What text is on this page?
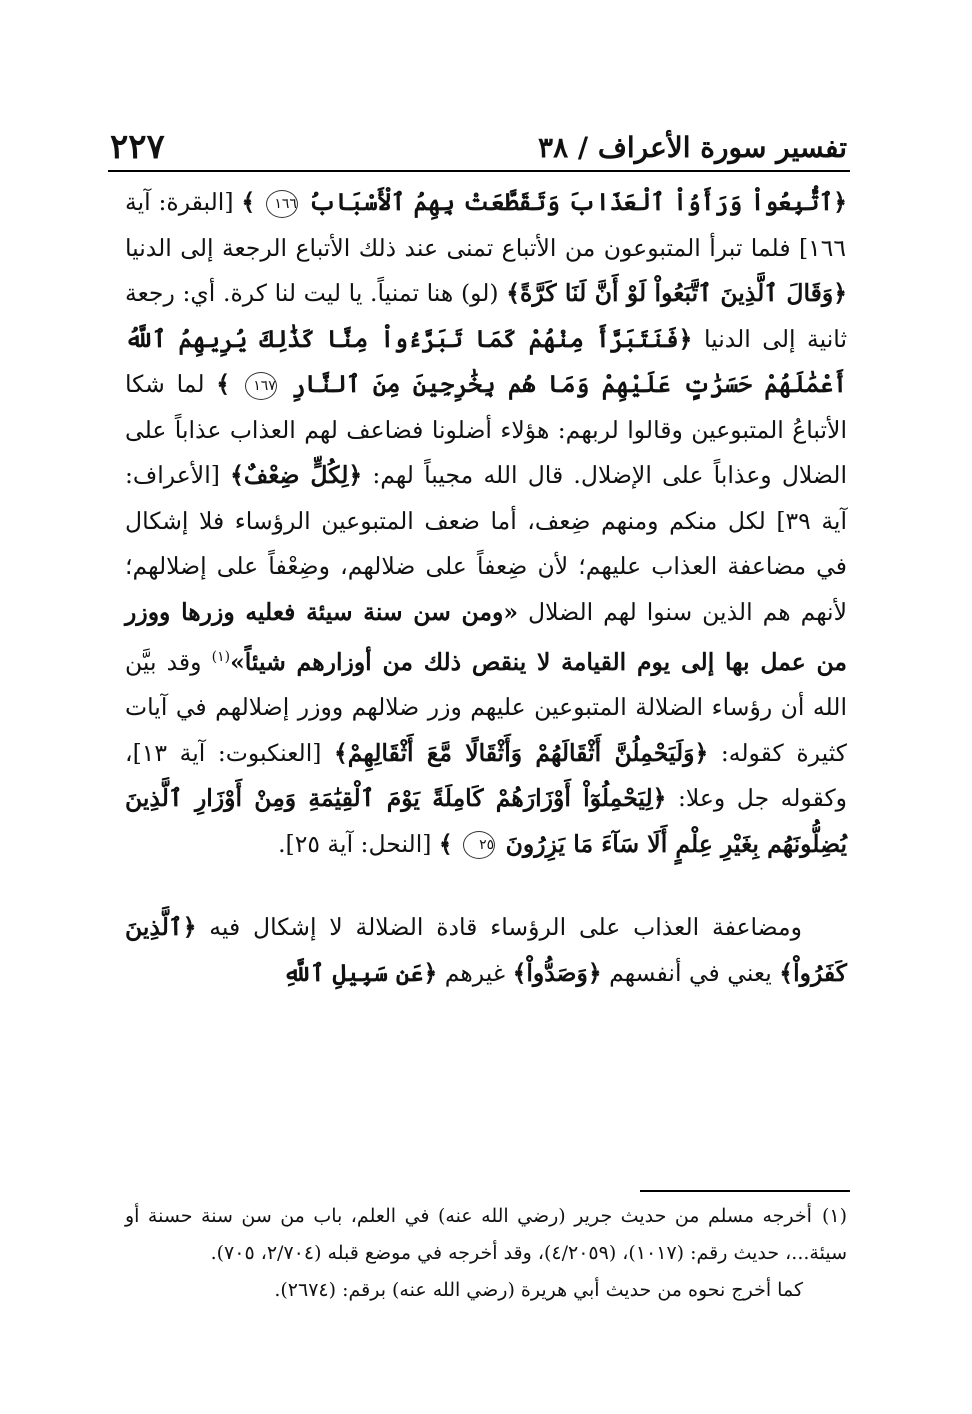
٢٢٧	تفسير سورة الأعراف / ٣٨

﴿ٱتُّبِعُواْ وَرَأَوُاْ ٱلْعَذَابَ وَتَقَطَّعَتْ بِهِمُ ٱلْأَسْبَابُ ١٦٦ ﴾ [البقرة: آية ١٦٦] فلما تبرأ المتبوعون من الأتباع تمنى عند ذلك الأتباع الرجعة إلى الدنيا ﴿وَقَالَ ٱلَّذِينَ ٱتَّبَعُواْ لَوْ أَنَّ لَنَا كَرَّةً﴾ (لو) هنا تمنياً. يا ليت لنا كرة. أي: رجعة ثانية إلى الدنيا ﴿فَنَتَبَرَّأَ مِنْهُمْ كَمَا تَبَرَّءُواْ مِنَّا كَذَٰلِكَ يُرِيهِمُ ٱللَّهُ أَعْمَٰلَهُمْ حَسَرَٰتٍ عَلَيْهِمْ وَمَا هُم بِخَٰرِجِينَ مِنَ ٱلنَّارِ ١٦٧ ﴾ لما شكا الأتباعُ المتبوعين وقالوا لربهم: هؤلاء أضلونا فضاعف لهم العذاب عذاباً على الضلال وعذاباً على الإضلال. قال الله مجيباً لهم: ﴿لِكُلٍّ ضِعْفٌ﴾ [الأعراف: آية ٣٩] لكل منكم ومنهم ضِعف، أما ضعف المتبوعين الرؤساء فلا إشكال في مضاعفة العذاب عليهم؛ لأن ضِعفاً على ضلالهم، وضِعْفاً على إضلالهم؛ لأنهم هم الذين سنوا لهم الضلال «ومن سن سنة سيئة فعليه وزرها ووزر من عمل بها إلى يوم القيامة لا ينقص ذلك من أوزارهم شيئاً»$^{(١)}$ وقد بيَّن الله أن رؤساء الضلالة المتبوعين عليهم وزر ضلالهم ووزر إضلالهم في آيات كثيرة كقوله: ﴿وَلَيَحْمِلُنَّ أَثْقَالَهُمْ وَأَثْقَالًا مَّعَ أَثْقَالِهِمْ﴾ [العنكبوت: آية ١٣]، وكقوله جل وعلا: ﴿لِيَحْمِلُوٓاْ أَوْزَارَهُمْ كَامِلَةً يَوْمَ ٱلْقِيَٰمَةِ وَمِنْ أَوْزَارِ ٱلَّذِينَ يُضِلُّونَهُم بِغَيْرِ عِلْمٍ أَلَا سَآءَ مَا يَزِرُونَ ٢٥ ﴾ [النحل: آية ٢٥].

ومضاعفة العذاب على الرؤساء قادة الضلالة لا إشكال فيه ﴿ٱلَّذِينَ كَفَرُواْ﴾ يعني في أنفسهم ﴿وَصَدُّواْ﴾ غيرهم ﴿عَن سَبِيلِ ٱللَّهِ

(١)أخرجه مسلم من حديث جرير (رضي الله عنه) في العلم، باب من سن سنة حسنة أو سيئة...، حديث رقم: (١٠١٧)، (٤/٢٠٥٩)، وقد أخرجه في موضع قبله (٢/٧٠٤، ٧٠٥).

كما أخرج نحوه من حديث أبي هريرة (رضي الله عنه) برقم: (٢٦٧٤).
